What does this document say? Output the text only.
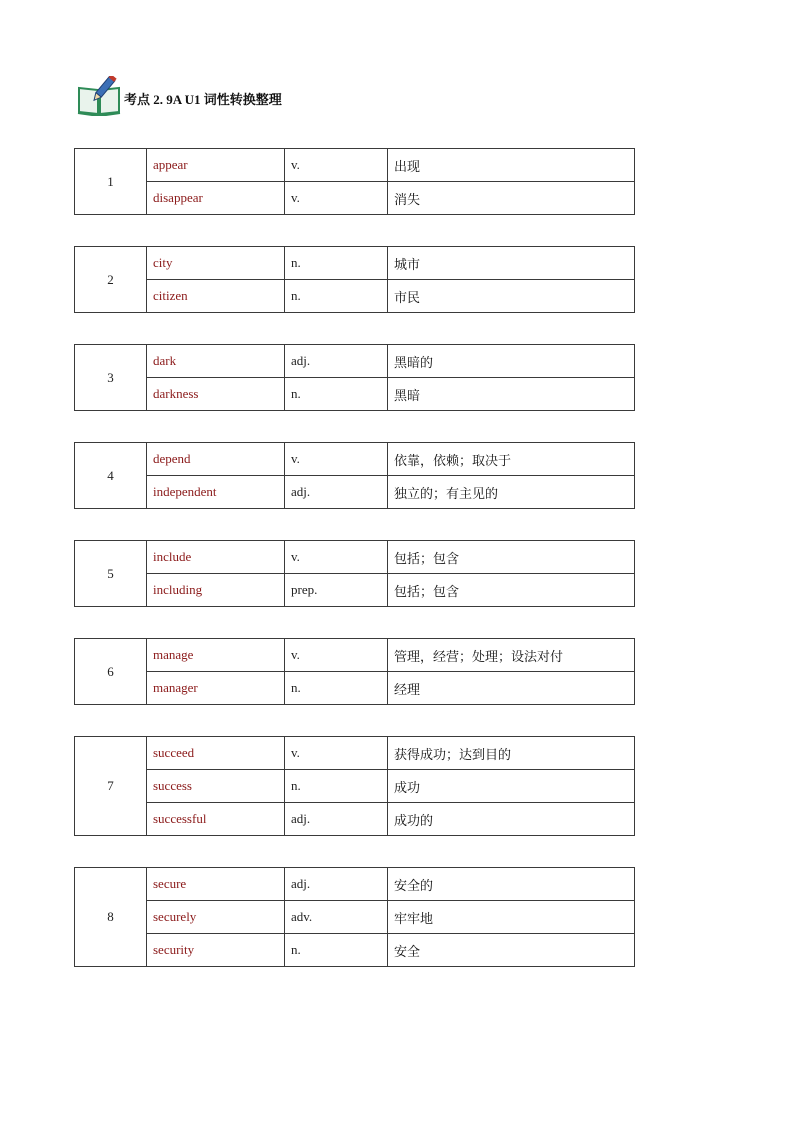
考点 2. 9A U1 词性转换整理
1	appear	v.	出现
	disappear	v.	消失
2	city	n.	城市
	citizen	n.	市民
3	dark	adj.	黑暗的
	darkness	n.	黑暗
4	depend	v.	依靠，依赖；取决于
	independent	adj.	独立的；有主见的
5	include	v.	包括；包含
	including	prep.	包括；包含
6	manage	v.	管理，经营；处理；设法对付
	manager	n.	经理
7	succeed	v.	获得成功；达到目的
	success	n.	成功
	successful	adj.	成功的
8	secure	adj.	安全的
	securely	adv.	牢牢地
	security	n.	安全
